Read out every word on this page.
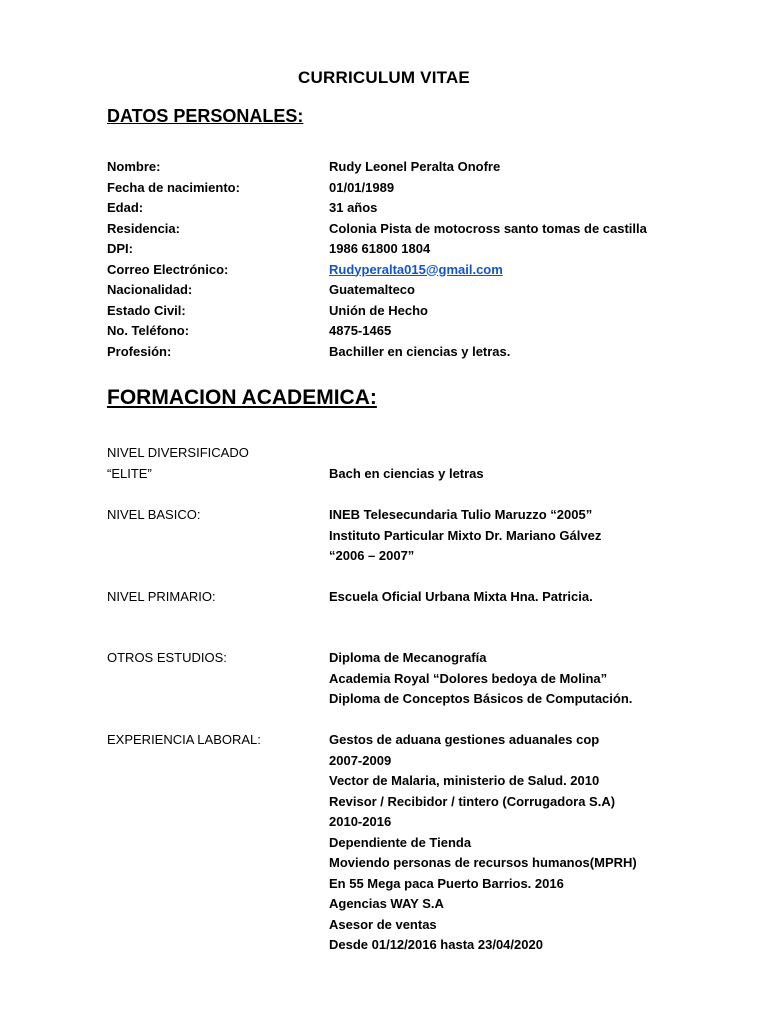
CURRICULUM VITAE
DATOS PERSONALES:
Nombre:	Rudy Leonel Peralta Onofre
Fecha de nacimiento:	01/01/1989
Edad:	31 años
Residencia:	Colonia Pista de motocross santo tomas de castilla
DPI:	1986 61800 1804
Correo Electrónico:	Rudyperalta015@gmail.com
Nacionalidad:	Guatemalteco
Estado Civil:	Unión de Hecho
No. Teléfono:	4875-1465
Profesión:	Bachiller en ciencias y letras.
FORMACION ACADEMICA:
NIVEL DIVERSIFICADO
“ELITE”
	Bach en ciencias y letras
NIVEL BASICO:	INEB Telesecundaria Tulio Maruzzo “2005”
Instituto Particular Mixto Dr. Mariano Gálvez
“2006 – 2007”
NIVEL PRIMARIO:	Escuela Oficial Urbana Mixta Hna. Patricia.
OTROS ESTUDIOS:	Diploma de Mecanografía
Academia Royal “Dolores bedoya de Molina”
Diploma de Conceptos Básicos de Computación.
EXPERIENCIA LABORAL:	Gestos de aduana gestiones aduanales cop
2007-2009
Vector de Malaria, ministerio de Salud. 2010
Revisor / Recibidor / tintero (Corrugadora S.A)
2010-2016
Dependiente de Tienda
Moviendo personas de recursos humanos(MPRH)
En 55 Mega paca Puerto Barrios. 2016
Agencias WAY S.A
Asesor de ventas
Desde 01/12/2016 hasta 23/04/2020
